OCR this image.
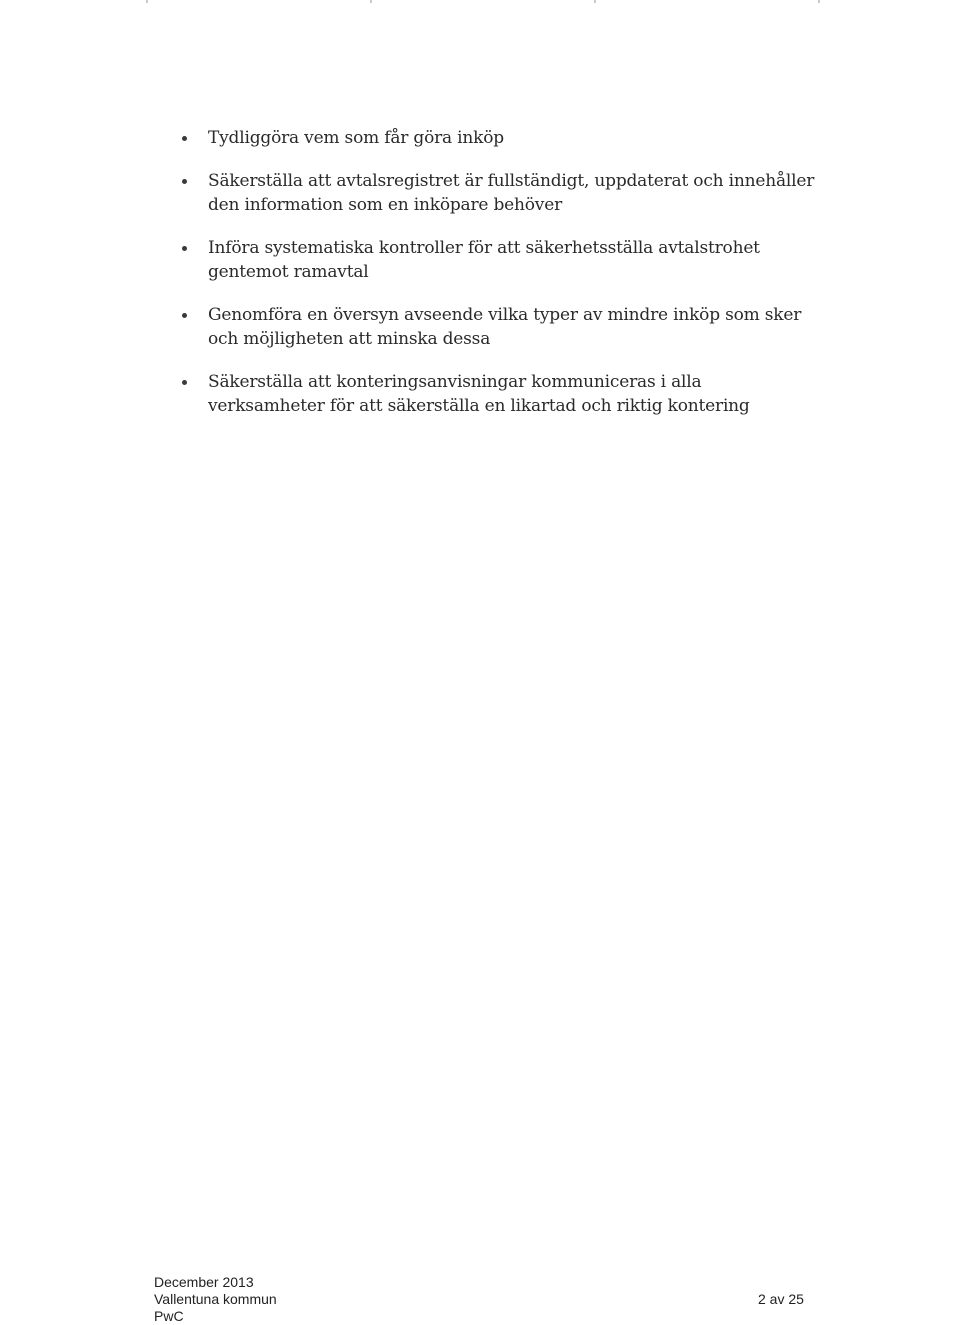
Tydliggöra vem som får göra inköp
Säkerställa att avtalsregistret är fullständigt, uppdaterat och innehåller den information som en inköpare behöver
Införa systematiska kontroller för att säkerhetsställa avtalstrohet gentemot ramavtal
Genomföra en översyn avseende vilka typer av mindre inköp som sker och möjligheten att minska dessa
Säkerställa att konteringsanvisningar kommuniceras i alla verksamheter för att säkerställa en likartad och riktig kontering
December 2013
Vallentuna kommun
PwC
2 av 25
